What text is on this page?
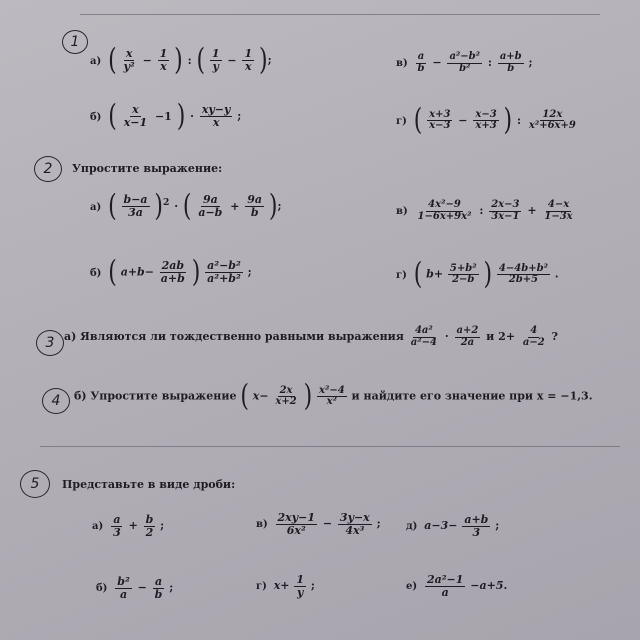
1
а) ( $\frac{x}{\text{y²}} - \frac{1}{x}$ ) : ( $\frac{1}{y} - \frac{1}{x}$ );
б) ( $\frac{x}{x-1} -1$ ) · $\frac{xy-y}{x}$ ;
$в) \frac{a}{b} - \frac{\text{a²−b²}}{\text{b²}}$ : $\frac{a+b}{b}$ ;
г) ( $\frac{x+3}{x-3} - \frac{x-3}{x+3}$ ) : $\frac{12x}{\text{x²+6x+9}}$
2	Упростите выражение:
а) ( $\frac{b-a}{3a} )^2$ · ( $\frac{9a}{a-b} + \frac{9a}{b}$ );
б) ( $a+b- \frac{2ab}{a+b}$ ) $\frac{\text{a²−b²}}{\text{a²+b²}}$ ;
$в) \frac{\text{4x²−9}}{\text{1−6x+9x²}}$ : $\frac{2x-3}{3x-1} + \frac{4-x}{1-3x}$
г) ( $b+ \frac{\text{5+b²}}{2-b}$ ) $\frac{\text{4−4b+b²}}{2b+5}$ .
3 а) Являются ли тождественно равными выражения $\frac{\text{4a²}}{\text{a²−4}} \cdot \frac{a+2}{2a}$ и $2+ \frac{4}{a-2}$ ?
4	б) Упростите выражение ( $x- \frac{2x}{x+2}$ ) $\frac{\text{x²−4}}{\text{x²}}$ и найдите его значение при x = −1,3.
5	Представьте в виде дроби:
$а) \frac{a}{3} + \frac{b}{2}$ ;
$б) \frac{\text{b²}}{a} - \frac{a}{b}$ ;
$в) \frac{2xy-1}{\text{6x²}} - \frac{3y-x}{\text{4x³}}$ ;
г) $x+ \frac{1}{y}$ ;
д) $a-3- \frac{a+b}{3}$ ;
$е) \frac{\text{2a²−1}}{a} -a+5$.
